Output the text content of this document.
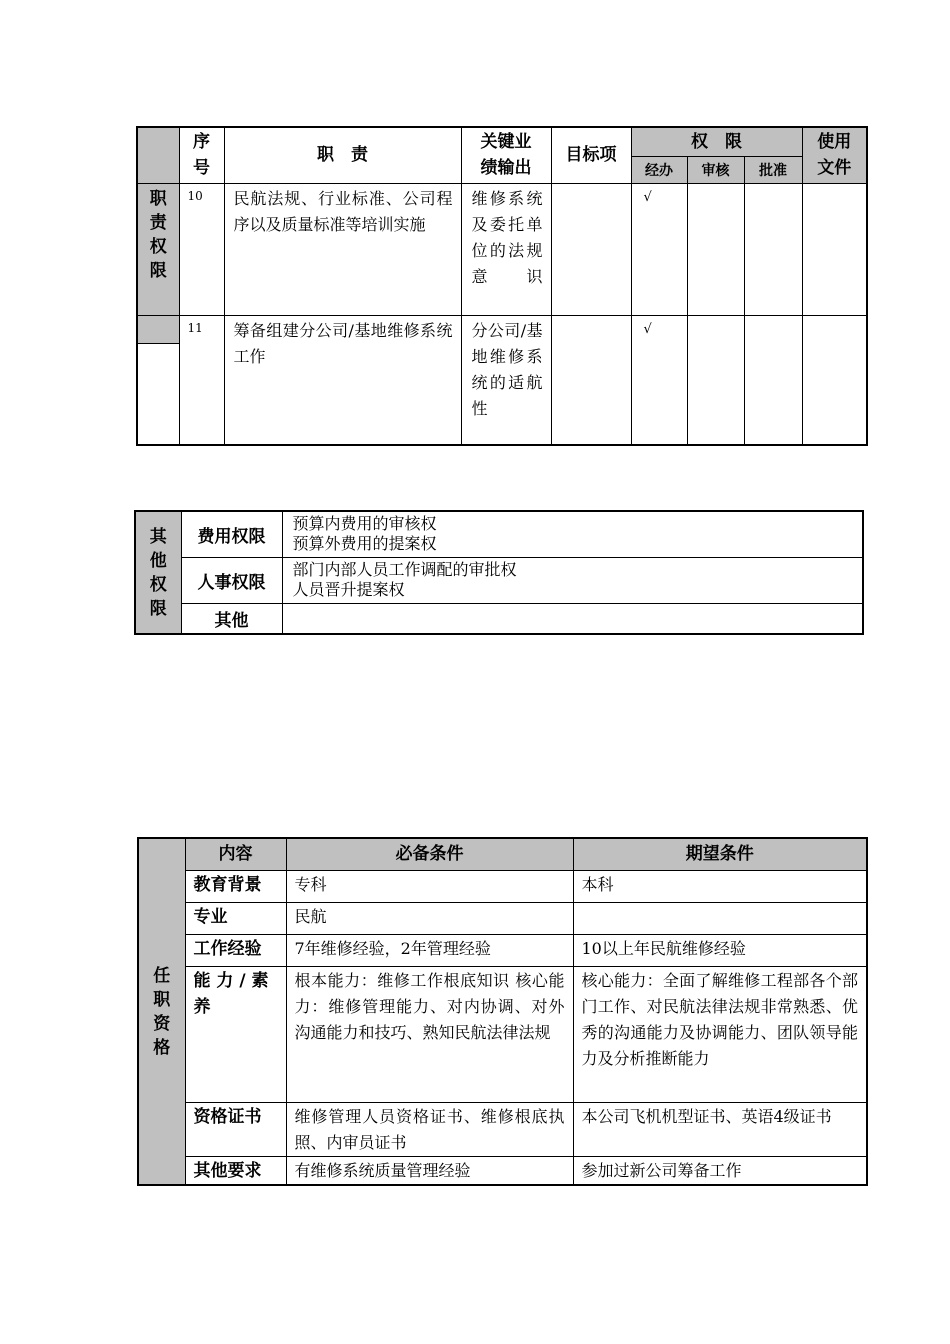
	序号	职　责	关键业绩输出	目标项	权　限			使用文件
					经办	审核	批准	

职责权限	10	民航法规、行业标准、公司程序以及质量标准等培训实施	维修系统及委托单位的法规意识		√			

	11	筹备组建分公司/基地维修系统工作	分公司/基地维修系统的适航性		√			
其他权限	费用权限	预算内费用的审核权
预算外费用的提案权

	人事权限	部门内部人员工作调配的审批权
人员晋升提案权

	其他	
任职资格	内容	必备条件	期望条件
	教育背景	专科	本科
	专业	民航	
	工作经验	7年维修经验，2年管理经验	10以上年民航维修经验
	能 力 / 素 养	根本能力：维修工作根底知识 核心能力：维修管理能力、对内协调、对外沟通能力和技巧、熟知民航法律法规	核心能力：全面了解维修工程部各个部门工作、对民航法律法规非常熟悉、优秀的沟通能力及协调能力、团队领导能力及分析推断能力
	资格证书	维修管理人员资格证书、维修根底执照、内审员证书	本公司飞机机型证书、英语4级证书
	其他要求	有维修系统质量管理经验	参加过新公司筹备工作
